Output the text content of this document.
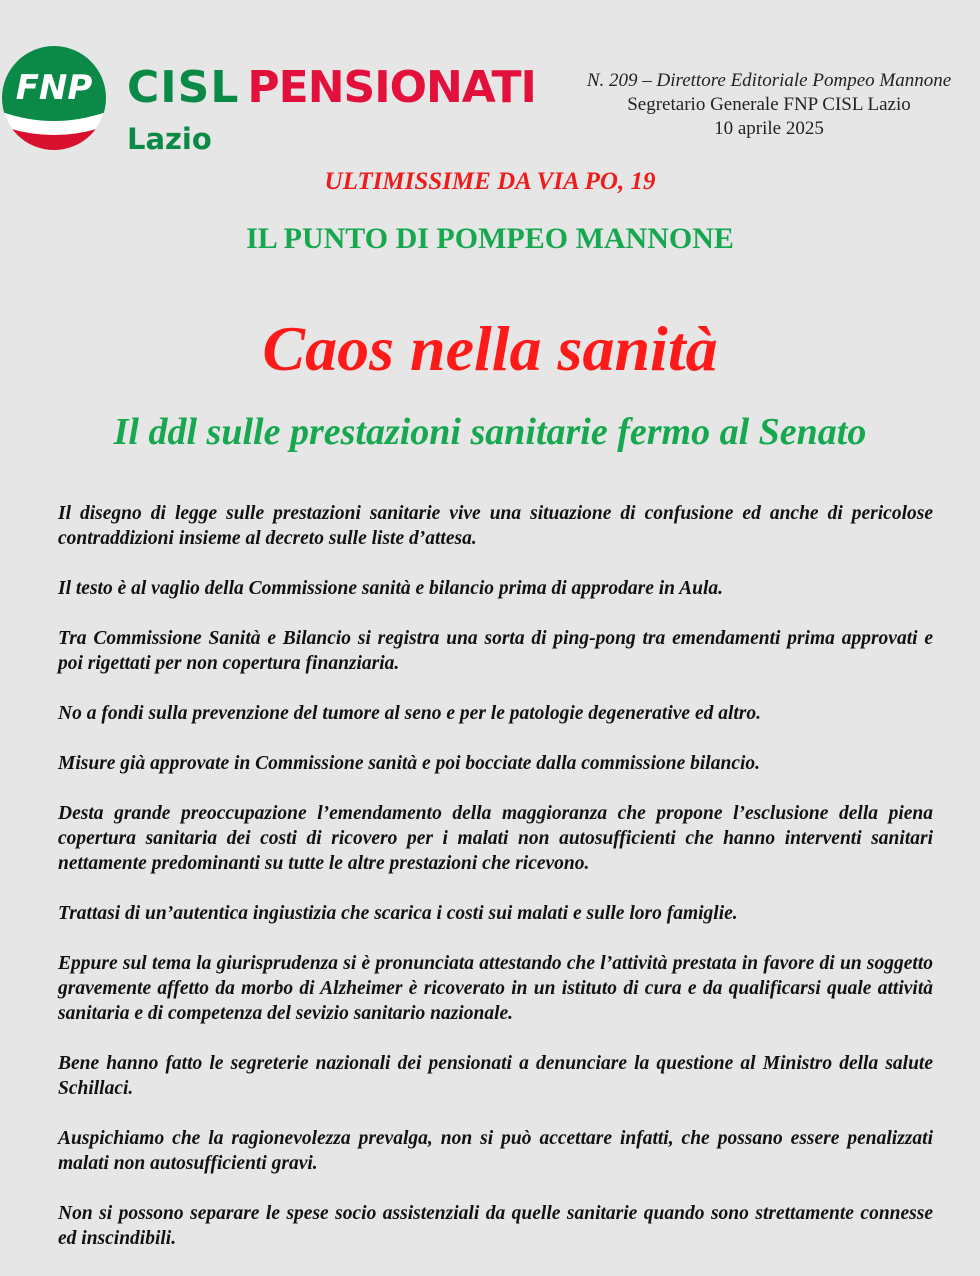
FNP CISL PENSIONATI
Lazio
N. 209 – Direttore Editoriale Pompeo Mannone
Segretario Generale FNP CISL Lazio
10 aprile 2025
ULTIMISSIME DA VIA PO, 19
IL PUNTO DI POMPEO MANNONE
Caos nella sanità
Il ddl sulle prestazioni sanitarie fermo al Senato

Il disegno di legge sulle prestazioni sanitarie vive una situazione di confusione ed anche di pericolose contraddizioni insieme al decreto sulle liste d’attesa.

Il testo è al vaglio della Commissione sanità e bilancio prima di approdare in Aula.

Tra Commissione Sanità e Bilancio si registra una sorta di ping-pong tra emendamenti prima approvati e poi rigettati per non copertura finanziaria.

No a fondi sulla prevenzione del tumore al seno e per le patologie degenerative ed altro.

Misure già approvate in Commissione sanità e poi bocciate dalla commissione bilancio.

Desta grande preoccupazione l’emendamento della maggioranza che propone l’esclusione della piena copertura sanitaria dei costi di ricovero per i malati non autosufficienti che hanno interventi sanitari nettamente predominanti su tutte le altre prestazioni che ricevono.

Trattasi di un’autentica ingiustizia che scarica i costi sui malati e sulle loro famiglie.

Eppure sul tema la giurisprudenza si è pronunciata attestando che l’attività prestata in favore di un soggetto gravemente affetto da morbo di Alzheimer è ricoverato in un istituto di cura e da qualificarsi quale attività sanitaria e di competenza del sevizio sanitario nazionale.

Bene hanno fatto le segreterie nazionali dei pensionati a denunciare la questione al Ministro della salute Schillaci.

Auspichiamo che la ragionevolezza prevalga, non si può accettare infatti, che possano essere penalizzati malati non autosufficienti gravi.

Non si possono separare le spese socio assistenziali da quelle sanitarie quando sono strettamente connesse ed inscindibili.
